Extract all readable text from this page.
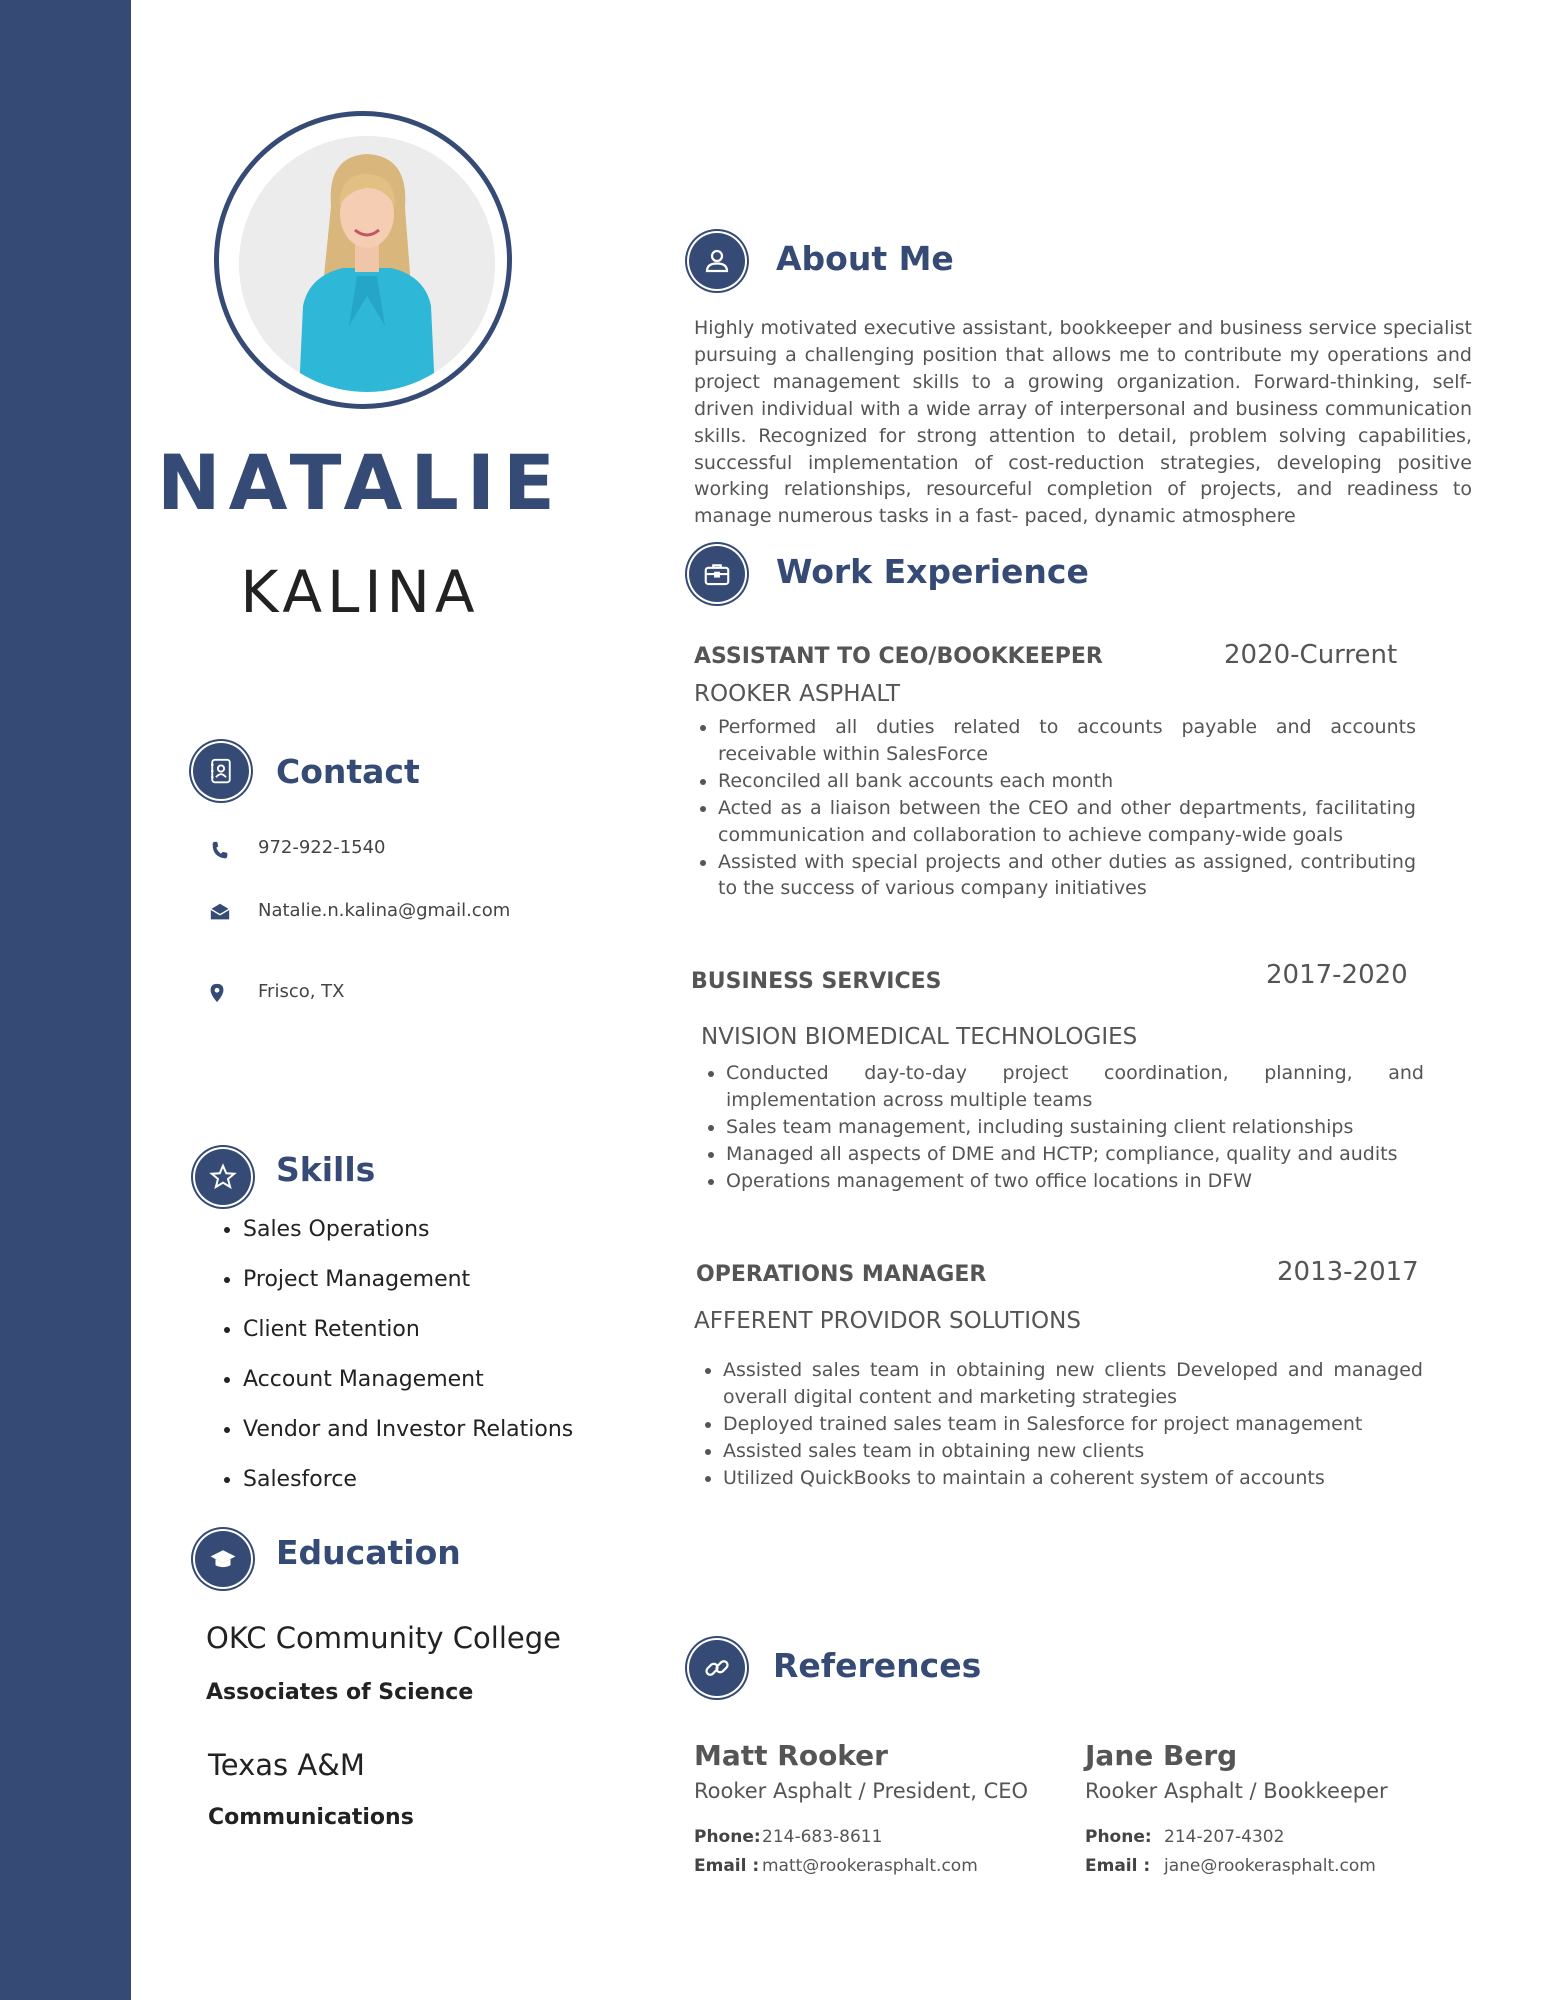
NATALIE
KALINA
Contact
972-922-1540
Natalie.n.kalina@gmail.com
Frisco, TX
Skills
• Sales Operations
• Project Management
• Client Retention
• Account Management
• Vendor and Investor Relations
• Salesforce
Education
OKC Community College
Associates of Science
Texas A&M
Communications
About Me
Highly motivated executive assistant, bookkeeper and business service specialist pursuing a challenging position that allows me to contribute my operations and project management skills to a growing organization. Forward-thinking, self-driven individual with a wide array of interpersonal and business communication skills. Recognized for strong attention to detail, problem solving capabilities, successful implementation of cost-reduction strategies, developing positive working relationships, resourceful completion of projects, and readiness to manage numerous tasks in a fast- paced, dynamic atmosphere
Work Experience
ASSISTANT TO CEO/BOOKKEEPER	2020-Current
ROOKER ASPHALT
• Performed all duties related to accounts payable and accounts receivable within SalesForce
• Reconciled all bank accounts each month
• Acted as a liaison between the CEO and other departments, facilitating communication and collaboration to achieve company-wide goals
• Assisted with special projects and other duties as assigned, contributing to the success of various company initiatives
BUSINESS SERVICES	2017-2020
NVISION BIOMEDICAL TECHNOLOGIES
• Conducted day-to-day project coordination, planning, and implementation across multiple teams
• Sales team management, including sustaining client relationships
• Managed all aspects of DME and HCTP; compliance, quality and audits
• Operations management of two office locations in DFW
OPERATIONS MANAGER	2013-2017
AFFERENT PROVIDOR SOLUTIONS
• Assisted sales team in obtaining new clients Developed and managed overall digital content and marketing strategies
• Deployed trained sales team in Salesforce for project management
• Assisted sales team in obtaining new clients
• Utilized QuickBooks to maintain a coherent system of accounts
References
Matt Rooker
Rooker Asphalt / President, CEO
Phone:214-683-8611
Email : matt@rookerasphalt.com
Jane Berg
Rooker Asphalt / Bookkeeper
Phone: 214-207-4302
Email : jane@rookerasphalt.com
